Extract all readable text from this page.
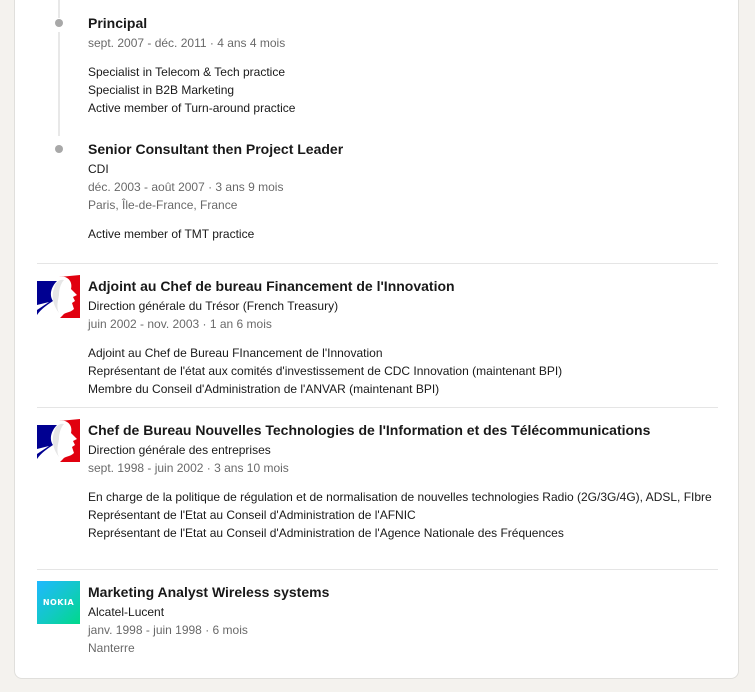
Principal
sept. 2007 - déc. 2011 · 4 ans 4 mois
Specialist in Telecom & Tech practice
Specialist in B2B Marketing
Active member of Turn-around practice
Senior Consultant then Project Leader
CDI
déc. 2003 - août 2007 · 3 ans 9 mois
Paris, Île-de-France, France
Active member of TMT practice
Adjoint au Chef de bureau Financement de l'Innovation
Direction générale du Trésor (French Treasury)
juin 2002 - nov. 2003 · 1 an 6 mois
Adjoint au Chef de Bureau FInancement de l'Innovation
Représentant de l'état aux comités d'investissement de CDC Innovation (maintenant BPI)
Membre du Conseil d'Administration de l'ANVAR (maintenant BPI)
Chef de Bureau Nouvelles Technologies de l'Information et des Télécommunications
Direction générale des entreprises
sept. 1998 - juin 2002 · 3 ans 10 mois
En charge de la politique de régulation et de normalisation de nouvelles technologies Radio (2G/3G/4G), ADSL, FIbre
Représentant de l'Etat au Conseil d'Administration de l'AFNIC
Représentant de l'Etat au Conseil d'Administration de l'Agence Nationale des Fréquences
NOKIA
Marketing Analyst Wireless systems
Alcatel-Lucent
janv. 1998 - juin 1998 · 6 mois
Nanterre
